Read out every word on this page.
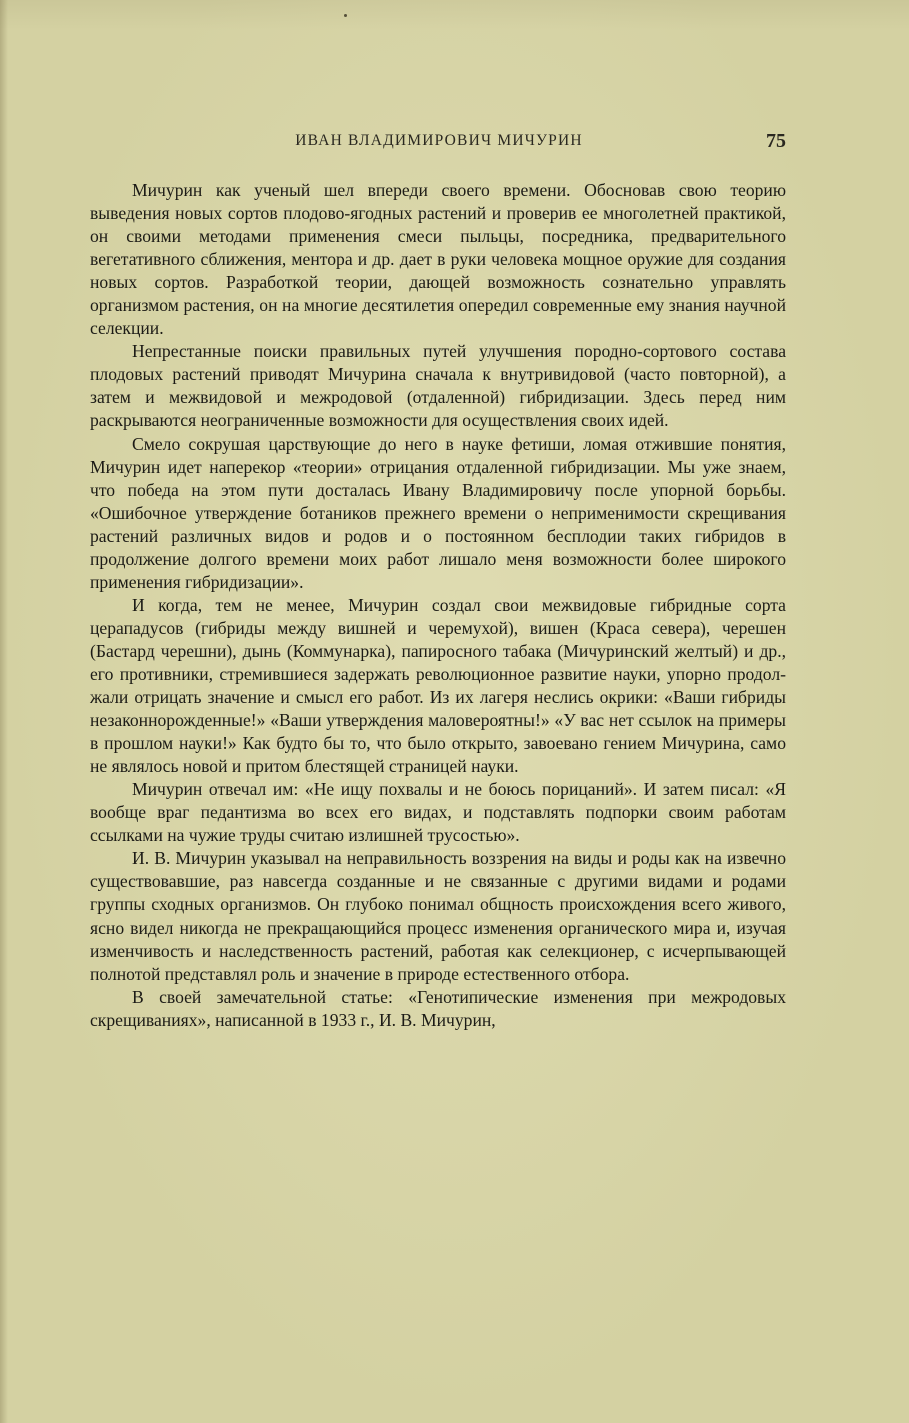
ИВАН ВЛАДИМИРОВИЧ МИЧУРИН	75

Мичурин как ученый шел впереди своего времени. Обосновав свою теорию выведения новых сортов плодово-ягодных растений и проверив ее многолетней практикой, он своими методами применения смеси пыльцы, посредника, предварительного вегетативного сближения, ментора и др. дает в руки человека мощное оружие для создания новых сортов. Разработкой теории, дающей возможность сознательно управлять организмом растения, он на многие десятилетия опередил современные ему знания научной селекции.

Непрестанные поиски правильных путей улучшения породно-сортового состава плодовых растений приводят Мичурина сначала к внутривидовой (часто повторной), а затем и межвидовой и межродовой (отдаленной) гибридизации. Здесь перед ним раскрываются неограниченные возможности для осуществления своих идей.

Смело сокрушая царствующие до него в науке фетиши, ломая отжившие понятия, Мичурин идет наперекор «теории» отрицания отдаленной гибридизации. Мы уже знаем, что победа на этом пути досталась Ивану Владимировичу после упорной борьбы. «Ошибочное утверждение ботаников прежнего времени о неприменимости скрещивания растений различных видов и родов и о постоянном бесплодии таких гибридов в продолжение долгого времени моих работ лишало меня возможности более широкого применения гибридизации».

И когда, тем не менее, Мичурин создал свои межвидовые гибридные сорта церападусов (гибриды между вишней и черемухой), вишен (Краса севера), черешен (Бастард черешни), дынь (Коммунарка), папиросного табака (Мичуринский желтый) и др., его противники, стремившиеся задержать революционное развитие науки, упорно продолжали отрицать значение и смысл его работ. Из их лагеря неслись окрики: «Ваши гибриды незаконнорожденные!» «Ваши утверждения маловероятны!» «У вас нет ссылок на примеры в прошлом науки!» Как будто бы то, что было открыто, завоевано гением Мичурина, само не являлось новой и притом блестящей страницей науки.

Мичурин отвечал им: «Не ищу похвалы и не боюсь порицаний». И затем писал: «Я вообще враг педантизма во всех его видах, и подставлять подпорки своим работам ссылками на чужие труды считаю излишней трусостью».

И. В. Мичурин указывал на неправильность воззрения на виды и роды как на извечно существовавшие, раз навсегда созданные и не связанные с другими видами и родами группы сходных организмов. Он глубоко понимал общность происхождения всего живого, ясно видел никогда не прекращающийся процесс изменения органического мира и, изучая изменчивость и наследственность растений, работая как селекционер, с исчерпывающей полнотой представлял роль и значение в природе естественного отбора.

В своей замечательной статье: «Генотипические изменения при межродовых скрещиваниях», написанной в 1933 г., И. В. Мичурин,
